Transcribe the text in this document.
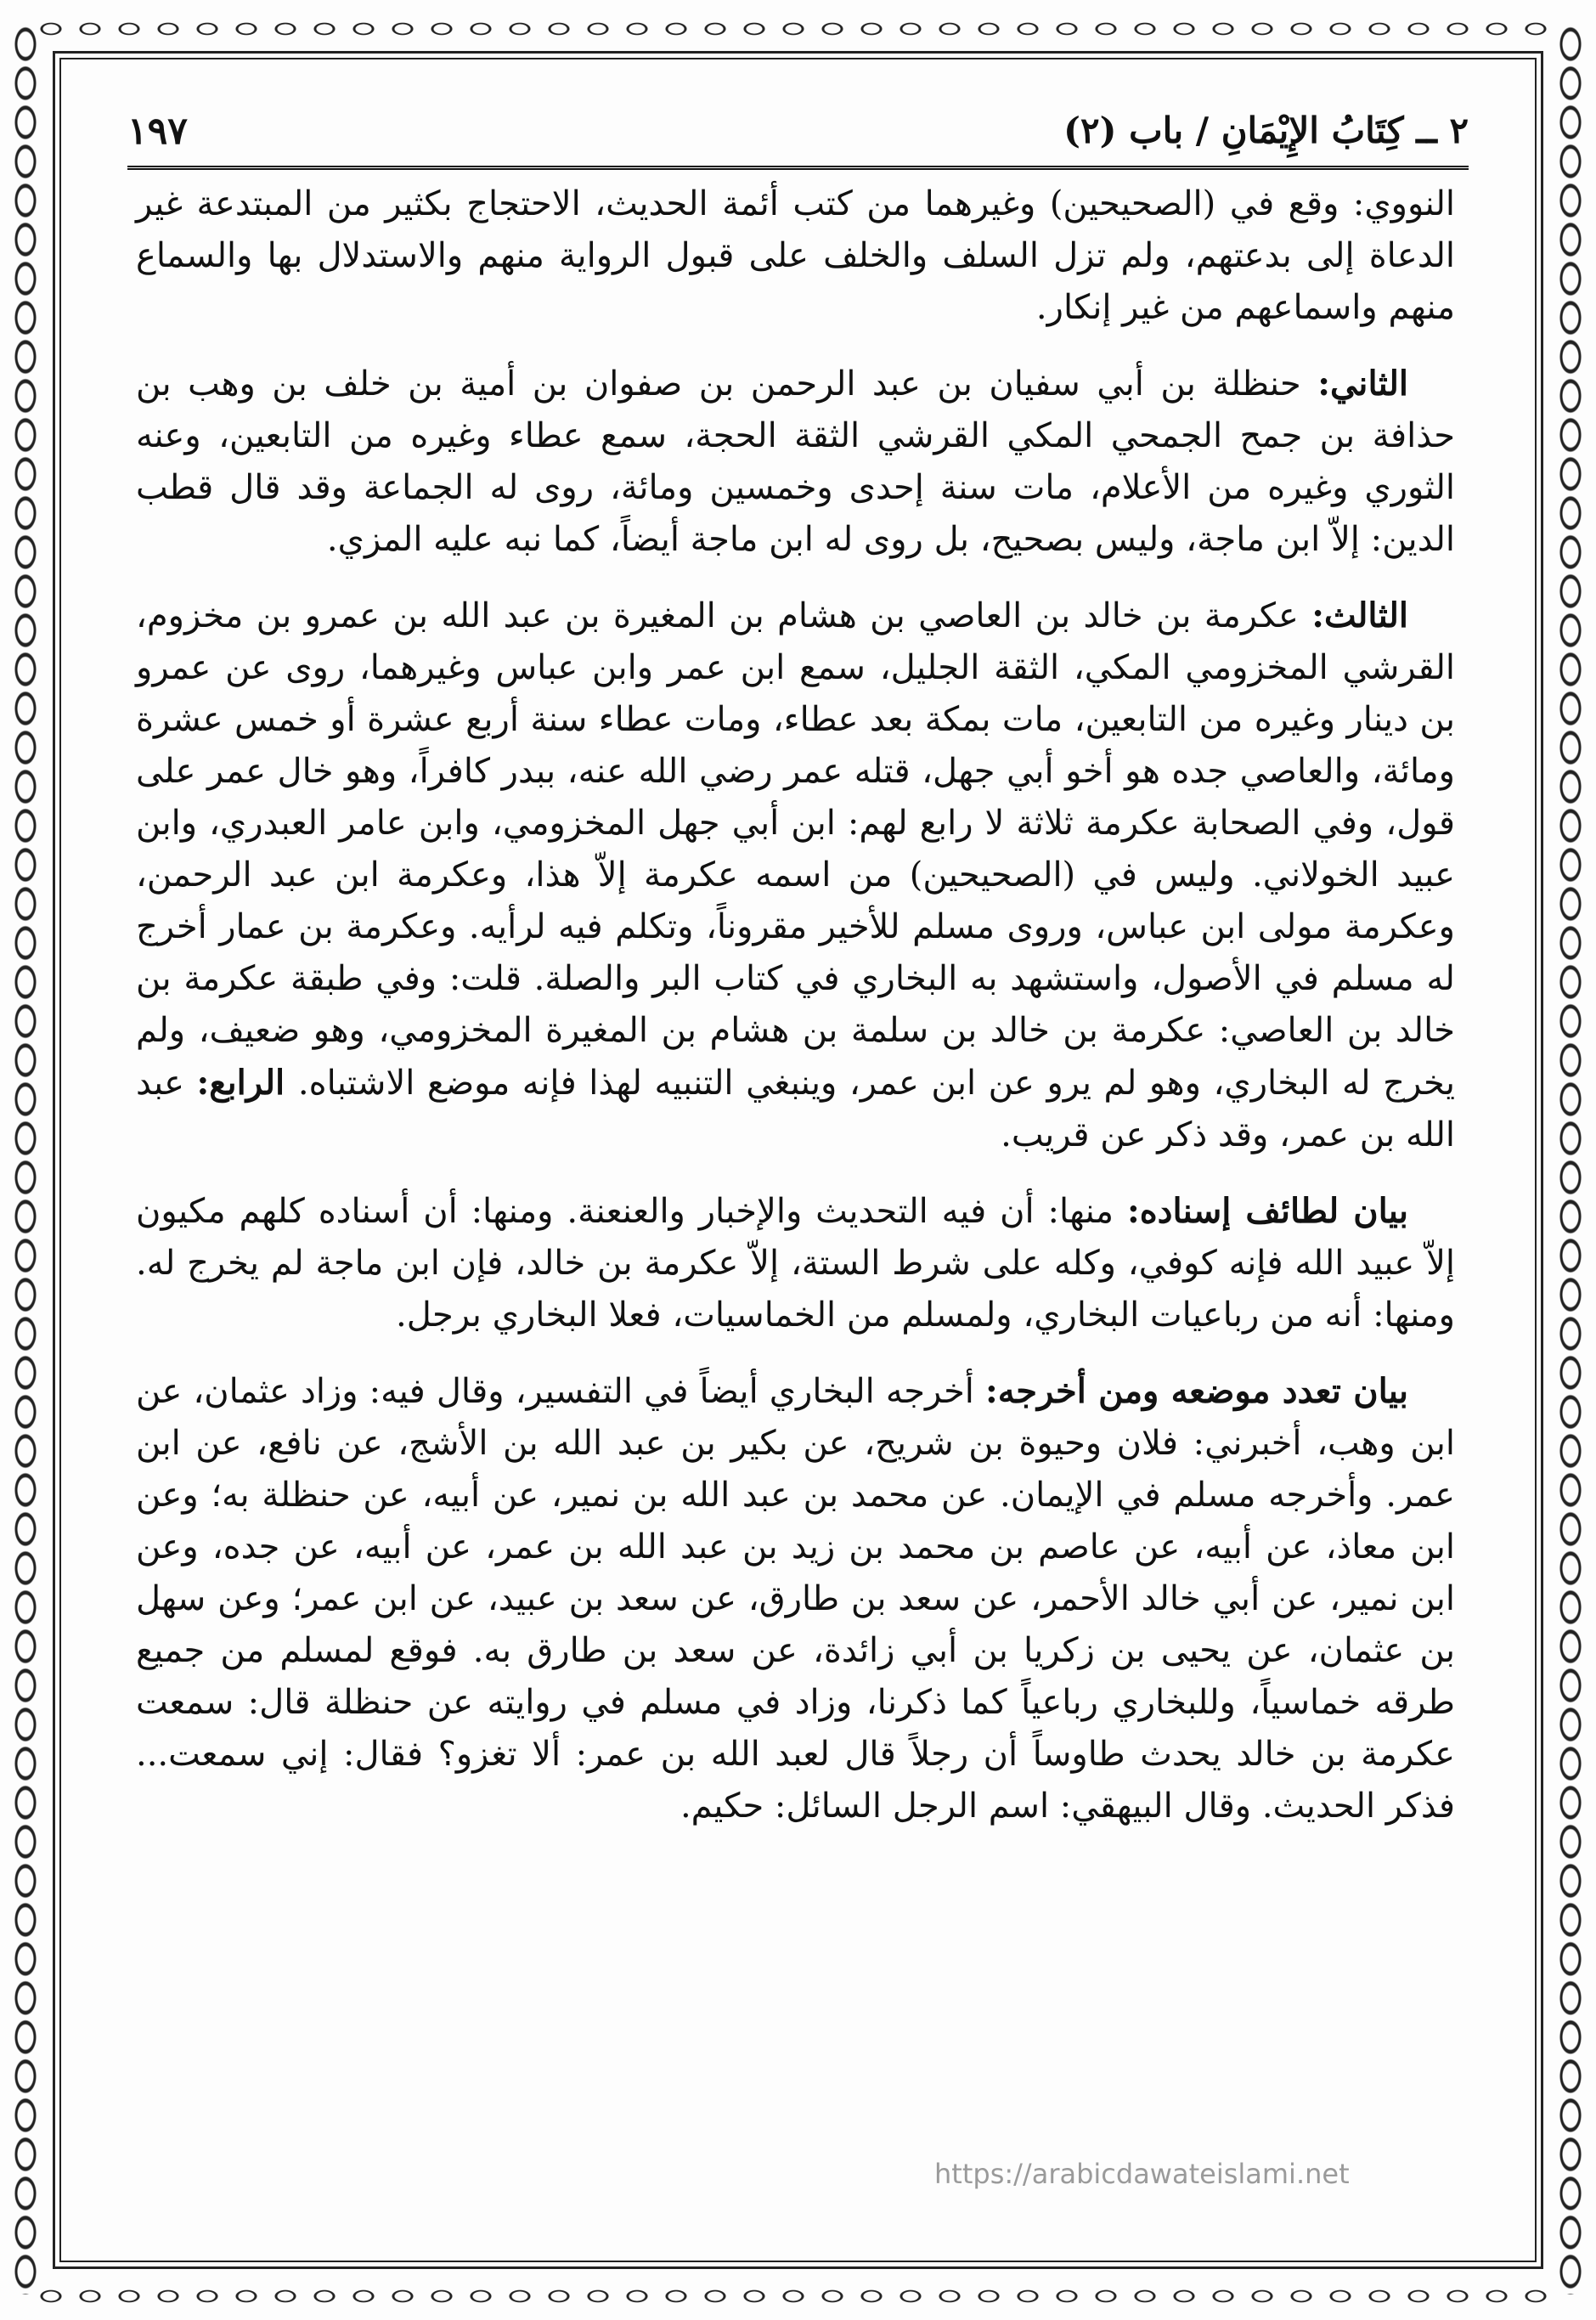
٢ ــ كِتَابُ الإِيْمَانِ / باب (٢)
١٩٧

النووي: وقع في (الصحيحين) وغيرهما من كتب أئمة الحديث، الاحتجاج بكثير من المبتدعة غير الدعاة إلى بدعتهم، ولم تزل السلف والخلف على قبول الرواية منهم والاستدلال بها والسماع منهم واسماعهم من غير إنكار.

الثاني: حنظلة بن أبي سفيان بن عبد الرحمن بن صفوان بن أمية بن خلف بن وهب بن حذافة بن جمح الجمحي المكي القرشي الثقة الحجة، سمع عطاء وغيره من التابعين، وعنه الثوري وغيره من الأعلام، مات سنة إحدى وخمسين ومائة، روى له الجماعة وقد قال قطب الدين: إلاّ ابن ماجة، وليس بصحيح، بل روى له ابن ماجة أيضاً، كما نبه عليه المزي.

الثالث: عكرمة بن خالد بن العاصي بن هشام بن المغيرة بن عبد الله بن عمرو بن مخزوم، القرشي المخزومي المكي، الثقة الجليل، سمع ابن عمر وابن عباس وغيرهما، روى عن عمرو بن دينار وغيره من التابعين، مات بمكة بعد عطاء، ومات عطاء سنة أربع عشرة أو خمس عشرة ومائة، والعاصي جده هو أخو أبي جهل، قتله عمر رضي الله عنه، ببدر كافراً، وهو خال عمر على قول، وفي الصحابة عكرمة ثلاثة لا رابع لهم: ابن أبي جهل المخزومي، وابن عامر العبدري، وابن عبيد الخولاني. وليس في (الصحيحين) من اسمه عكرمة إلاّ هذا، وعكرمة ابن عبد الرحمن، وعكرمة مولى ابن عباس، وروى مسلم للأخير مقروناً، وتكلم فيه لرأيه. وعكرمة بن عمار أخرج له مسلم في الأصول، واستشهد به البخاري في كتاب البر والصلة. قلت: وفي طبقة عكرمة بن خالد بن العاصي: عكرمة بن خالد بن سلمة بن هشام بن المغيرة المخزومي، وهو ضعيف، ولم يخرج له البخاري، وهو لم يرو عن ابن عمر، وينبغي التنبيه لهذا فإنه موضع الاشتباه. الرابع: عبد الله بن عمر، وقد ذكر عن قريب.

بيان لطائف إسناده: منها: أن فيه التحديث والإخبار والعنعنة. ومنها: أن أسناده كلهم مكيون إلاّ عبيد الله فإنه كوفي، وكله على شرط الستة، إلاّ عكرمة بن خالد، فإن ابن ماجة لم يخرج له. ومنها: أنه من رباعيات البخاري، ولمسلم من الخماسيات، فعلا البخاري برجل.

بيان تعدد موضعه ومن أخرجه: أخرجه البخاري أيضاً في التفسير، وقال فيه: وزاد عثمان، عن ابن وهب، أخبرني: فلان وحيوة بن شريح، عن بكير بن عبد الله بن الأشج، عن نافع، عن ابن عمر. وأخرجه مسلم في الإيمان. عن محمد بن عبد الله بن نمير، عن أبيه، عن حنظلة به؛ وعن ابن معاذ، عن أبيه، عن عاصم بن محمد بن زيد بن عبد الله بن عمر، عن أبيه، عن جده، وعن ابن نمير، عن أبي خالد الأحمر، عن سعد بن طارق، عن سعد بن عبيد، عن ابن عمر؛ وعن سهل بن عثمان، عن يحيى بن زكريا بن أبي زائدة، عن سعد بن طارق به. فوقع لمسلم من جميع طرقه خماسياً، وللبخاري رباعياً كما ذكرنا، وزاد في مسلم في روايته عن حنظلة قال: سمعت عكرمة بن خالد يحدث طاوساً أن رجلاً قال لعبد الله بن عمر: ألا تغزو؟ فقال: إني سمعت... فذكر الحديث. وقال البيهقي: اسم الرجل السائل: حكيم.

https://arabicdawateislami.net
